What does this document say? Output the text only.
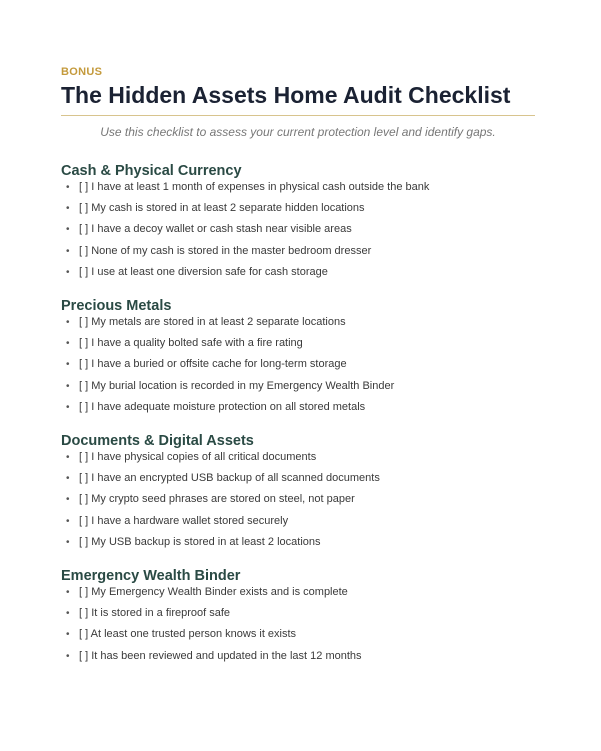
BONUS
The Hidden Assets Home Audit Checklist
Use this checklist to assess your current protection level and identify gaps.
Cash & Physical Currency
• [ ] I have at least 1 month of expenses in physical cash outside the bank
• [ ] My cash is stored in at least 2 separate hidden locations
• [ ] I have a decoy wallet or cash stash near visible areas
• [ ] None of my cash is stored in the master bedroom dresser
• [ ] I use at least one diversion safe for cash storage
Precious Metals
• [ ] My metals are stored in at least 2 separate locations
• [ ] I have a quality bolted safe with a fire rating
• [ ] I have a buried or offsite cache for long-term storage
• [ ] My burial location is recorded in my Emergency Wealth Binder
• [ ] I have adequate moisture protection on all stored metals
Documents & Digital Assets
• [ ] I have physical copies of all critical documents
• [ ] I have an encrypted USB backup of all scanned documents
• [ ] My crypto seed phrases are stored on steel, not paper
• [ ] I have a hardware wallet stored securely
• [ ] My USB backup is stored in at least 2 locations
Emergency Wealth Binder
• [ ] My Emergency Wealth Binder exists and is complete
• [ ] It is stored in a fireproof safe
• [ ] At least one trusted person knows it exists
• [ ] It has been reviewed and updated in the last 12 months
